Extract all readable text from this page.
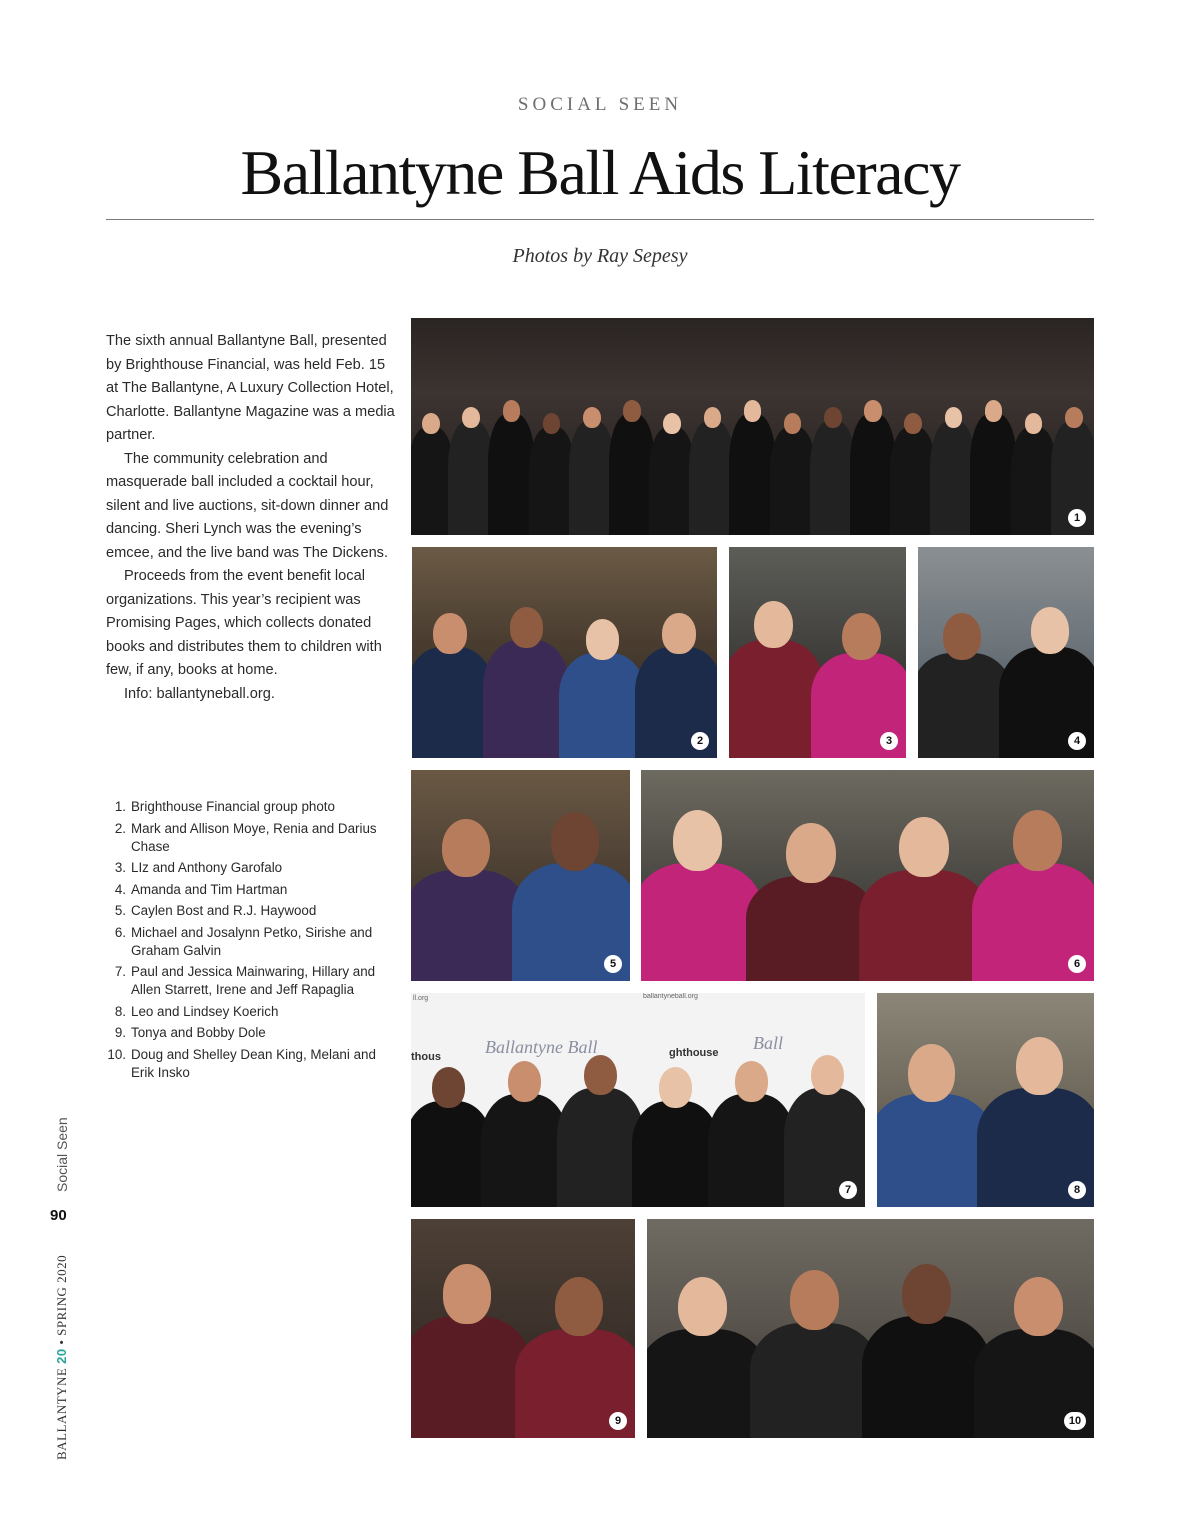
SOCIAL SEEN
Ballantyne Ball Aids Literacy
Photos by Ray Sepesy

The sixth annual Ballantyne Ball, presented by Brighthouse Financial, was held Feb. 15 at The Ballantyne, A Luxury Collection Hotel, Charlotte. Ballantyne Magazine was a media partner.

The community celebration and masquerade ball included a cocktail hour, silent and live auctions, sit-down dinner and dancing. Sheri Lynch was the evening’s emcee, and the live band was The Dickens.

Proceeds from the event benefit local organizations. This year’s recipient was Promising Pages, which collects donated books and distributes them to children with few, if any, books at home.

Info: ballantyneball.org.

1. Brighthouse Financial group photo
2. Mark and Allison Moye, Renia and Darius Chase
3. LIz and Anthony Garofalo
4. Amanda and Tim Hartman
5. Caylen Bost and R.J. Haywood
6. Michael and Josalynn Petko, Sirishe and Graham Galvin
7. Paul and Jessica Mainwaring, Hillary and Allen Starrett, Irene and Jeff Rapaglia
8. Leo and Lindsey Koerich
9. Tonya and Bobby Dole
10. Doug and Shelley Dean King, Melani and Erik Insko
1
2	3	4
5	6
ll.org	ballantyneball.org
Ballantyne Ball	Ball
thous	ghthouse
7	8
9	10
Social Seen
90
BALLANTYNE 20 • SPRING 2020
